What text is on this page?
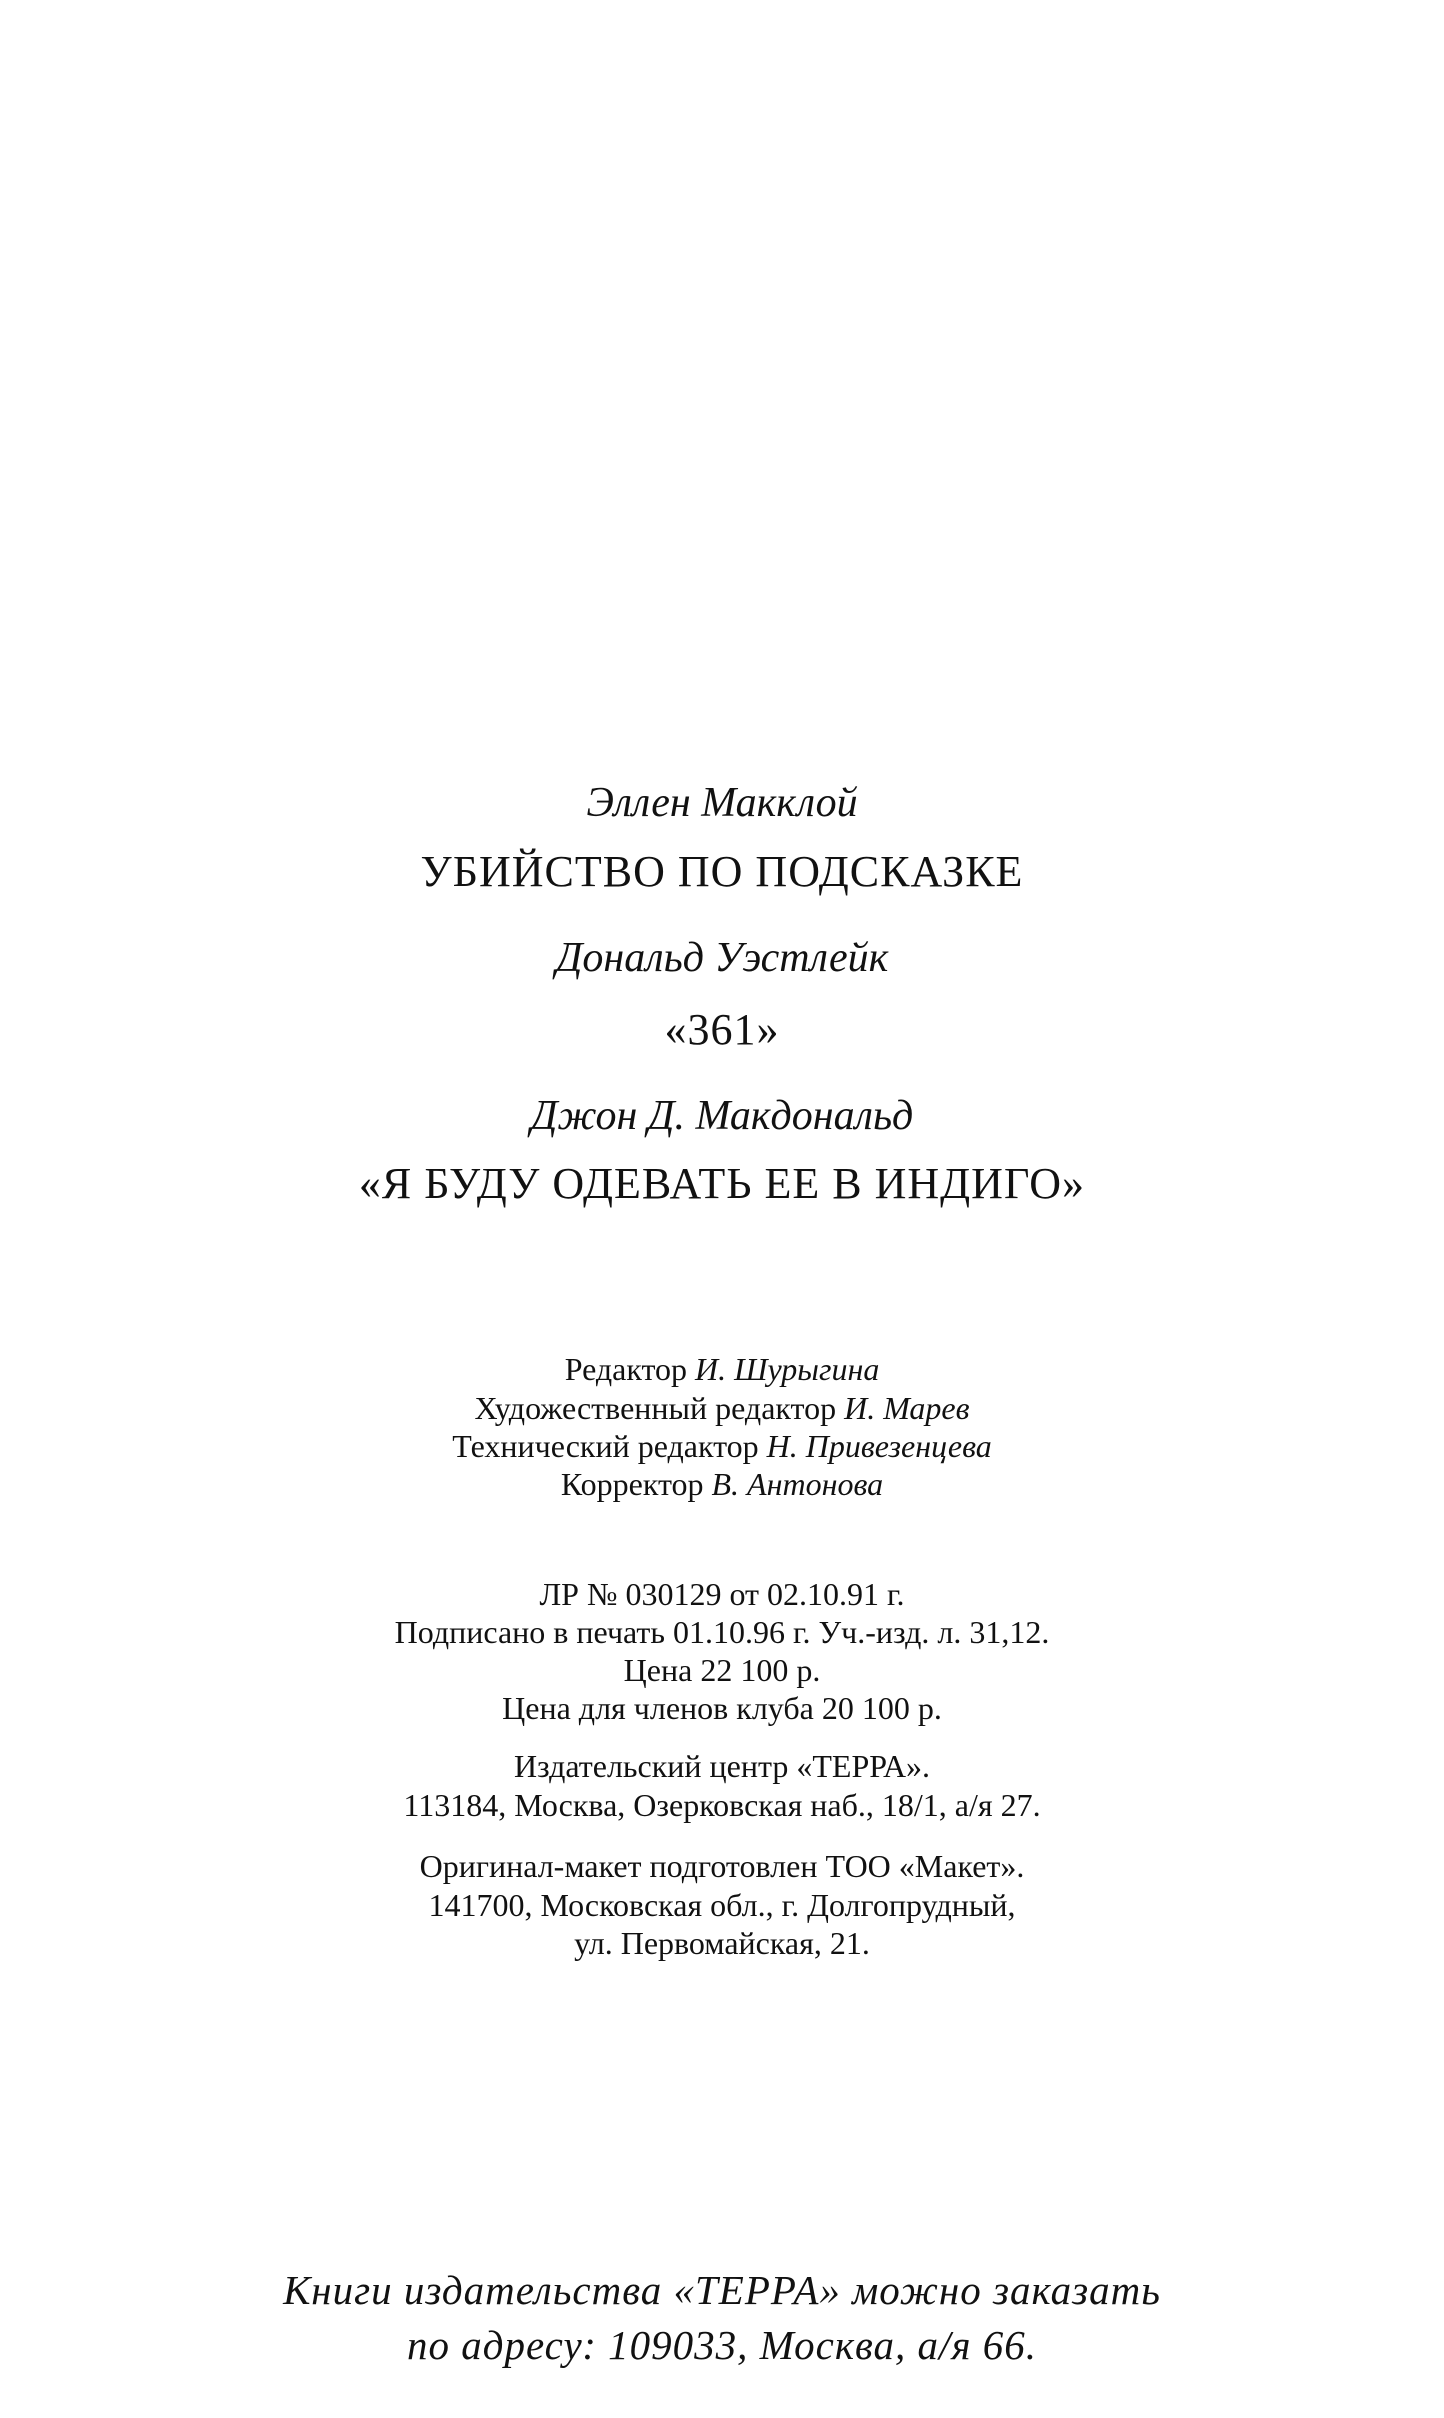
Эллен Макклой
УБИЙСТВО ПО ПОДСКАЗКЕ
Дональд Уэстлейк
«361»
Джон Д. Макдональд
«Я БУДУ ОДЕВАТЬ ЕЕ В ИНДИГО»
Редактор И. Шурыгина
Художественный редактор И. Марев
Технический редактор Н. Привезенцева
Корректор В. Антонова
ЛР № 030129 от 02.10.91 г.
Подписано в печать 01.10.96 г. Уч.-изд. л. 31,12.
Цена 22 100 р.
Цена для членов клуба 20 100 р.
Издательский центр «ТЕРРА».
113184, Москва, Озерковская наб., 18/1, а/я 27.
Оригинал-макет подготовлен ТОО «Макет».
141700, Московская обл., г. Долгопрудный,
ул. Первомайская, 21.
Книги издательства «ТЕРРА» можно заказать
по адресу: 109033, Москва, а/я 66.
